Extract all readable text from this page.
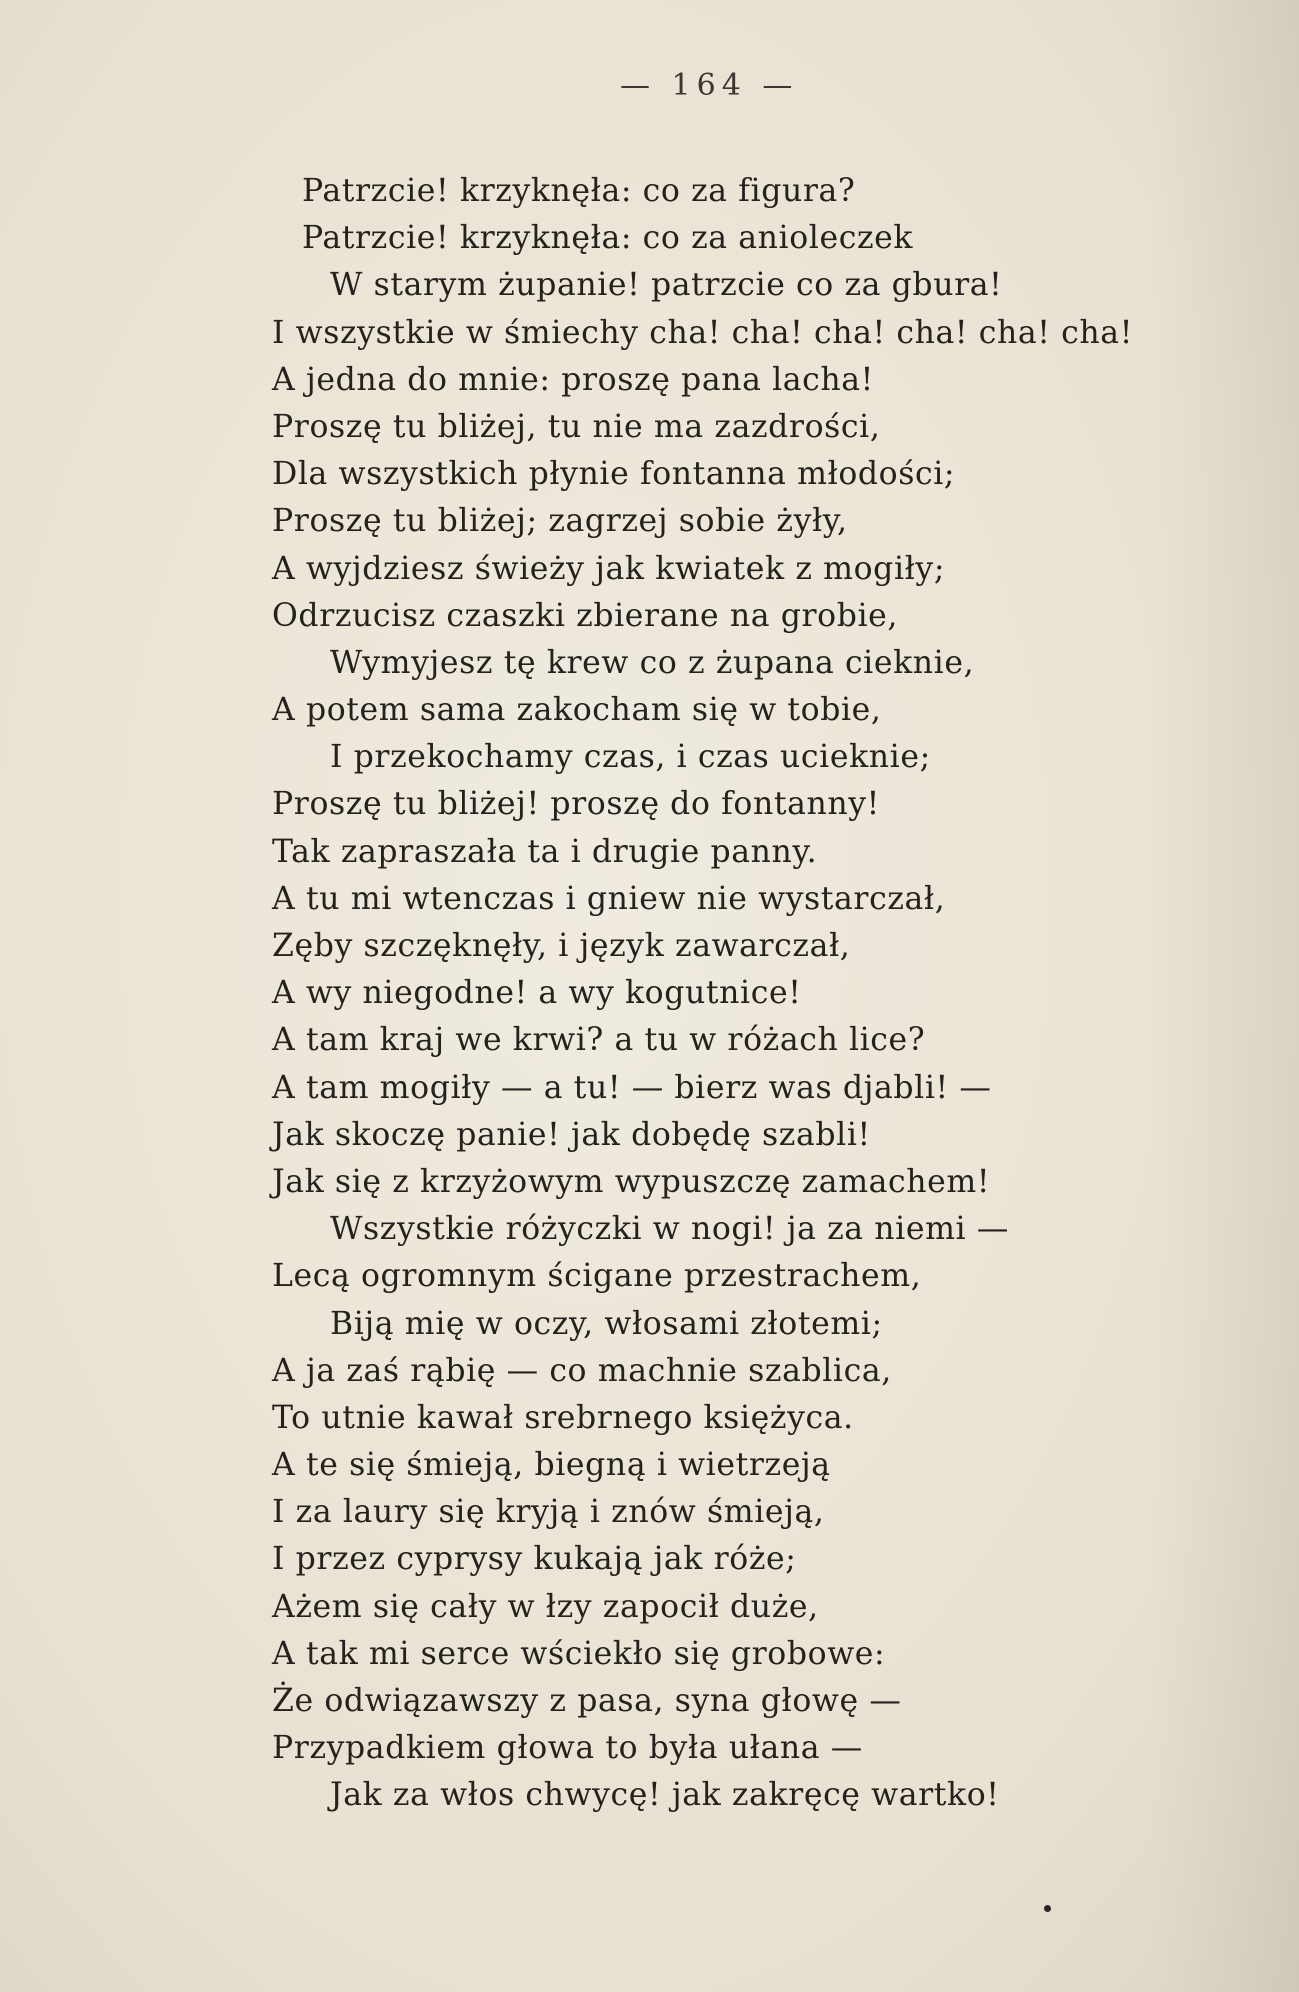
— 164 —
Patrzcie! krzyknęła: co za figura?
Patrzcie! krzyknęła: co za anioleczek
W starym żupanie! patrzcie co za gbura!
I wszystkie w śmiechy cha! cha! cha! cha! cha! cha!
A jedna do mnie: proszę pana lacha!
Proszę tu bliżej, tu nie ma zazdrości,
Dla wszystkich płynie fontanna młodości;
Proszę tu bliżej; zagrzej sobie żyły,
A wyjdziesz świeży jak kwiatek z mogiły;
Odrzucisz czaszki zbierane na grobie,
Wymyjesz tę krew co z żupana cieknie,
A potem sama zakocham się w tobie,
I przekochamy czas, i czas ucieknie;
Proszę tu bliżej! proszę do fontanny!
Tak zapraszała ta i drugie panny.
A tu mi wtenczas i gniew nie wystarczał,
Zęby szczęknęły, i język zawarczał,
A wy niegodne! a wy kogutnice!
A tam kraj we krwi? a tu w różach lice?
A tam mogiły — a tu! — bierz was djabli! —
Jak skoczę panie! jak dobędę szabli!
Jak się z krzyżowym wypuszczę zamachem!
Wszystkie różyczki w nogi! ja za niemi —
Lecą ogromnym ścigane przestrachem,
Biją mię w oczy, włosami złotemi;
A ja zaś rąbię — co machnie szablica,
To utnie kawał srebrnego księżyca.
A te się śmieją, biegną i wietrzeją
I za laury się kryją i znów śmieją,
I przez cyprysy kukają jak róże;
Ażem się cały w łzy zapocił duże,
A tak mi serce wściekło się grobowe:
Że odwiązawszy z pasa, syna głowę —
Przypadkiem głowa to była ułana —
Jak za włos chwycę! jak zakręcę wartko!
